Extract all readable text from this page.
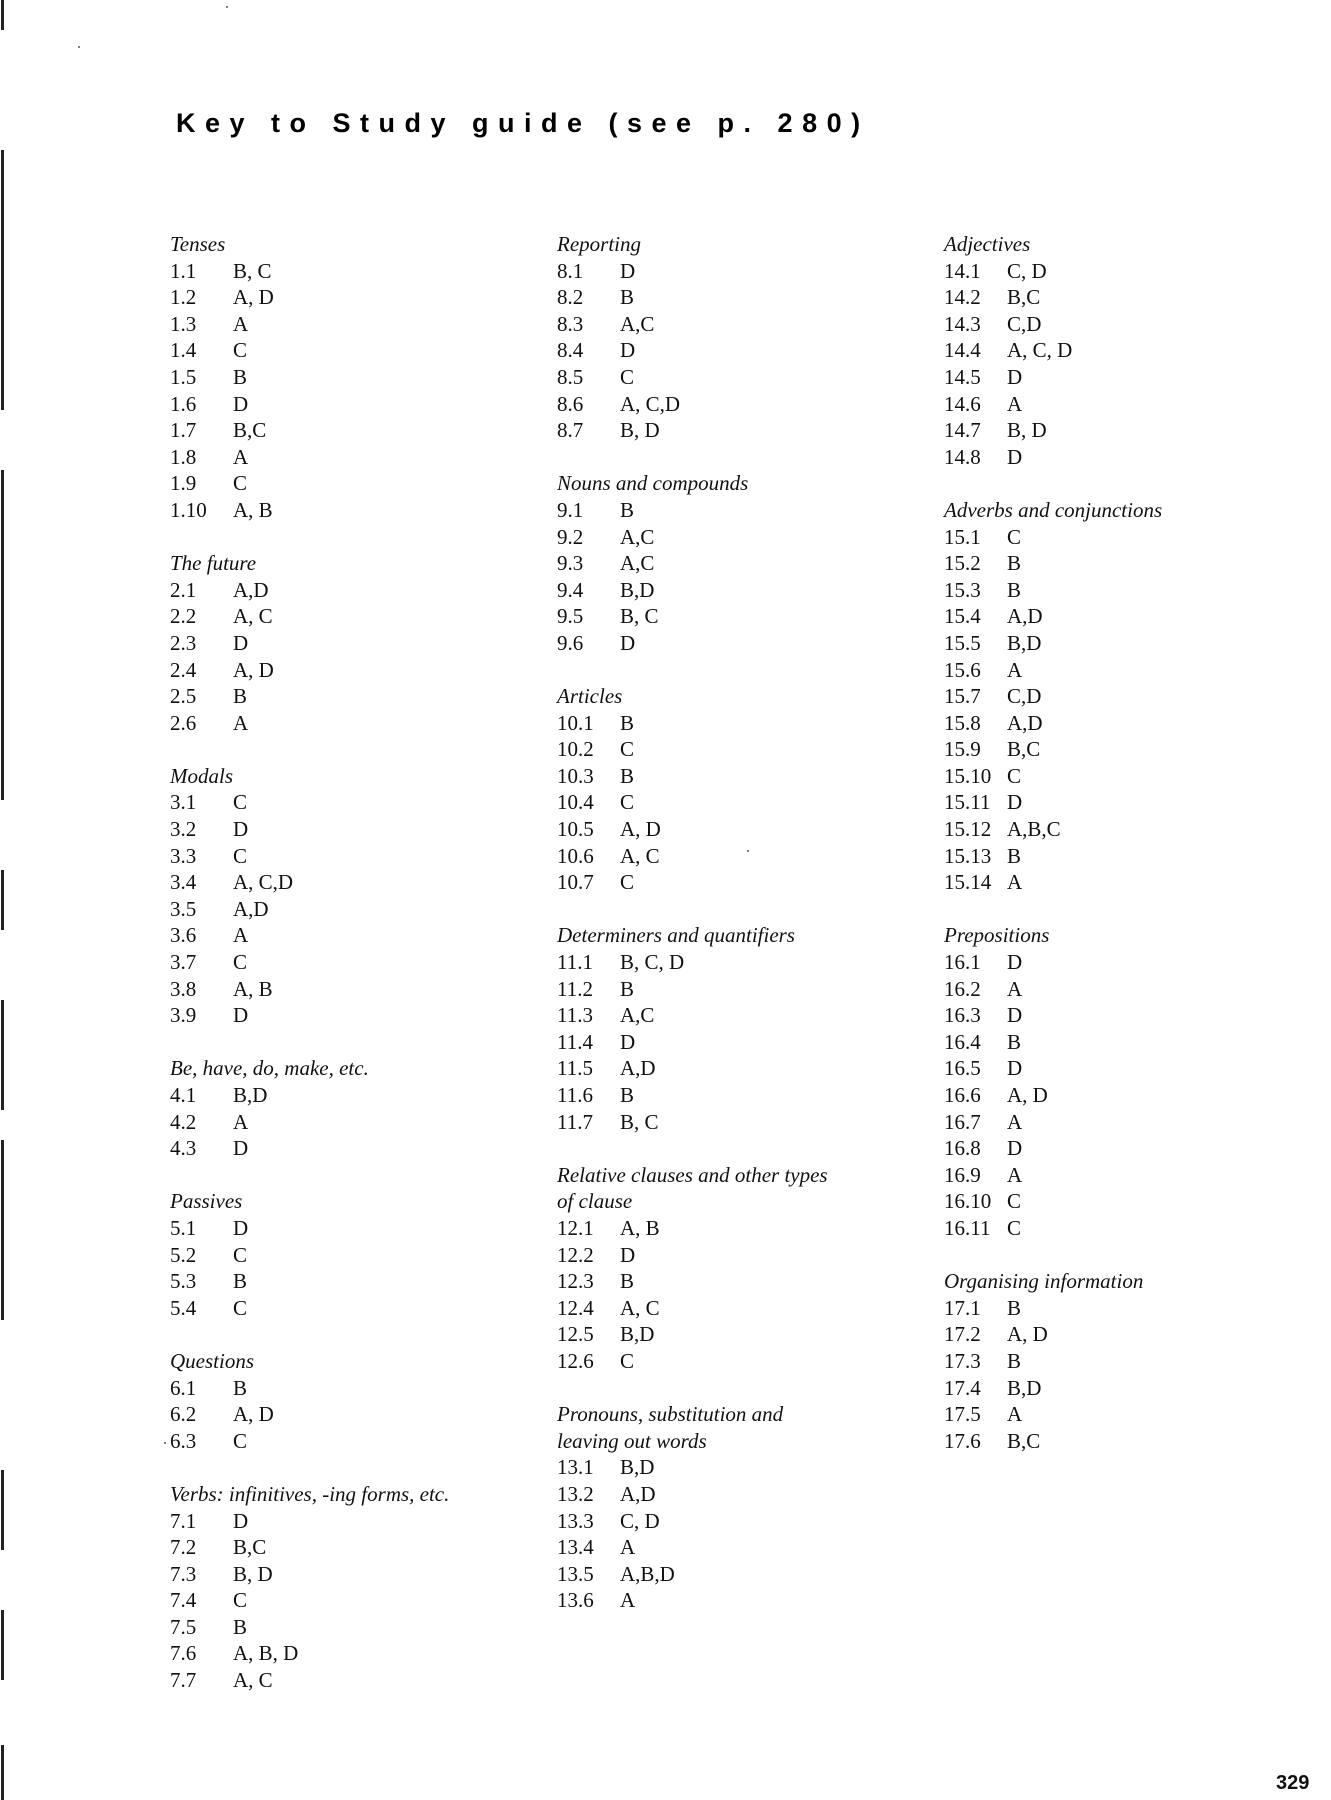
Key to Study guide (see p. 280)
Tenses
1.1	B, C
1.2	A, D
1.3	A
1.4	C
1.5	B
1.6	D
1.7	B,C
1.8	A
1.9	C
1.10	A, B
The future
2.1	A,D
2.2	A, C
2.3	D
2.4	A, D
2.5	B
2.6	A
Modals
3.1	C
3.2	D
3.3	C
3.4	A, C,D
3.5	A,D
3.6	A
3.7	C
3.8	A, B
3.9	D
Be, have, do, make, etc.
4.1	B,D
4.2	A
4.3	D
Passives
5.1	D
5.2	C
5.3	B
5.4	C
Questions
6.1	B
6.2	A, D
6.3	C
Verbs: infinitives, -ing forms, etc.
7.1	D
7.2	B,C
7.3	B, D
7.4	C
7.5	B
7.6	A, B, D
7.7	A, C
Reporting
8.1	D
8.2	B
8.3	A,C
8.4	D
8.5	C
8.6	A, C,D
8.7	B, D
Nouns and compounds
9.1	B
9.2	A,C
9.3	A,C
9.4	B,D
9.5	B, C
9.6	D
Articles
10.1	B
10.2	C
10.3	B
10.4	C
10.5	A, D
10.6	A, C
10.7	C
Determiners and quantifiers
11.1	B, C, D
11.2	B
11.3	A,C
11.4	D
11.5	A,D
11.6	B
11.7	B, C
Relative clauses and other types
of clause
12.1	A, B
12.2	D
12.3	B
12.4	A, C
12.5	B,D
12.6	C
Pronouns, substitution and
leaving out words
13.1	B,D
13.2	A,D
13.3	C, D
13.4	A
13.5	A,B,D
13.6	A
Adjectives
14.1	C, D
14.2	B,C
14.3	C,D
14.4	A, C, D
14.5	D
14.6	A
14.7	B, D
14.8	D
Adverbs and conjunctions
15.1	C
15.2	B
15.3	B
15.4	A,D
15.5	B,D
15.6	A
15.7	C,D
15.8	A,D
15.9	B,C
15.10 C
15.11 D
15.12 A,B,C
15.13 B
15.14 A
Prepositions
16.1	D
16.2	A
16.3	D
16.4	B
16.5	D
16.6	A, D
16.7	A
16.8	D
16.9	A
16.10 C
16.11 C
Organising information
17.1	B
17.2	A, D
17.3	B
17.4	B,D
17.5	A
17.6	B,C
329
